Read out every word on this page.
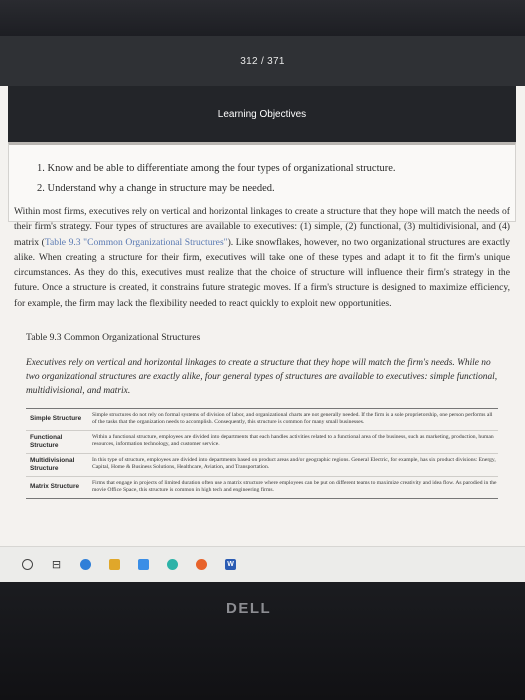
312 / 371
Learning Objectives
1. Know and be able to differentiate among the four types of organizational structure.
2. Understand why a change in structure may be needed.

Within most firms, executives rely on vertical and horizontal linkages to create a structure that they hope will match the needs of their firm's strategy. Four types of structures are available to executives: (1) simple, (2) functional, (3) multidivisional, and (4) matrix (Table 9.3 "Common Organizational Structures"). Like snowflakes, however, no two organizational structures are exactly alike. When creating a structure for their firm, executives will take one of these types and adapt it to fit the firm's unique circumstances. As they do this, executives must realize that the choice of structure will influence their firm's strategy in the future. Once a structure is created, it constrains future strategic moves. If a firm's structure is designed to maximize efficiency, for example, the firm may lack the flexibility needed to react quickly to exploit new opportunities.

Table 9.3 Common Organizational Structures
Executives rely on vertical and horizontal linkages to create a structure that they hope will match the firm's needs. While no two organizational structures are exactly alike, four general types of structures are available to executives: simple functional, multidivisional, and matrix.
Simple Structure
Simple structures do not rely on formal systems of division of labor, and organizational charts are not generally needed. If the firm is a sole proprietorship, one person performs all of the tasks that the organization needs to accomplish. Consequently, this structure is common for many small businesses.
Functional Structure
Within a functional structure, employees are divided into departments that each handles activities related to a functional area of the business, such as marketing, production, human resources, information technology, and customer service.
Multidivisional Structure
In this type of structure, employees are divided into departments based on product areas and/or geographic regions. General Electric, for example, has six product divisions: Energy, Capital, Home & Business Solutions, Healthcare, Aviation, and Transportation.
Matrix Structure
Firms that engage in projects of limited duration often use a matrix structure where employees can be put on different teams to maximize creativity and idea flow. As parodied in the movie Office Space, this structure is common in high tech and engineering firms.
⊟	W
DELL
